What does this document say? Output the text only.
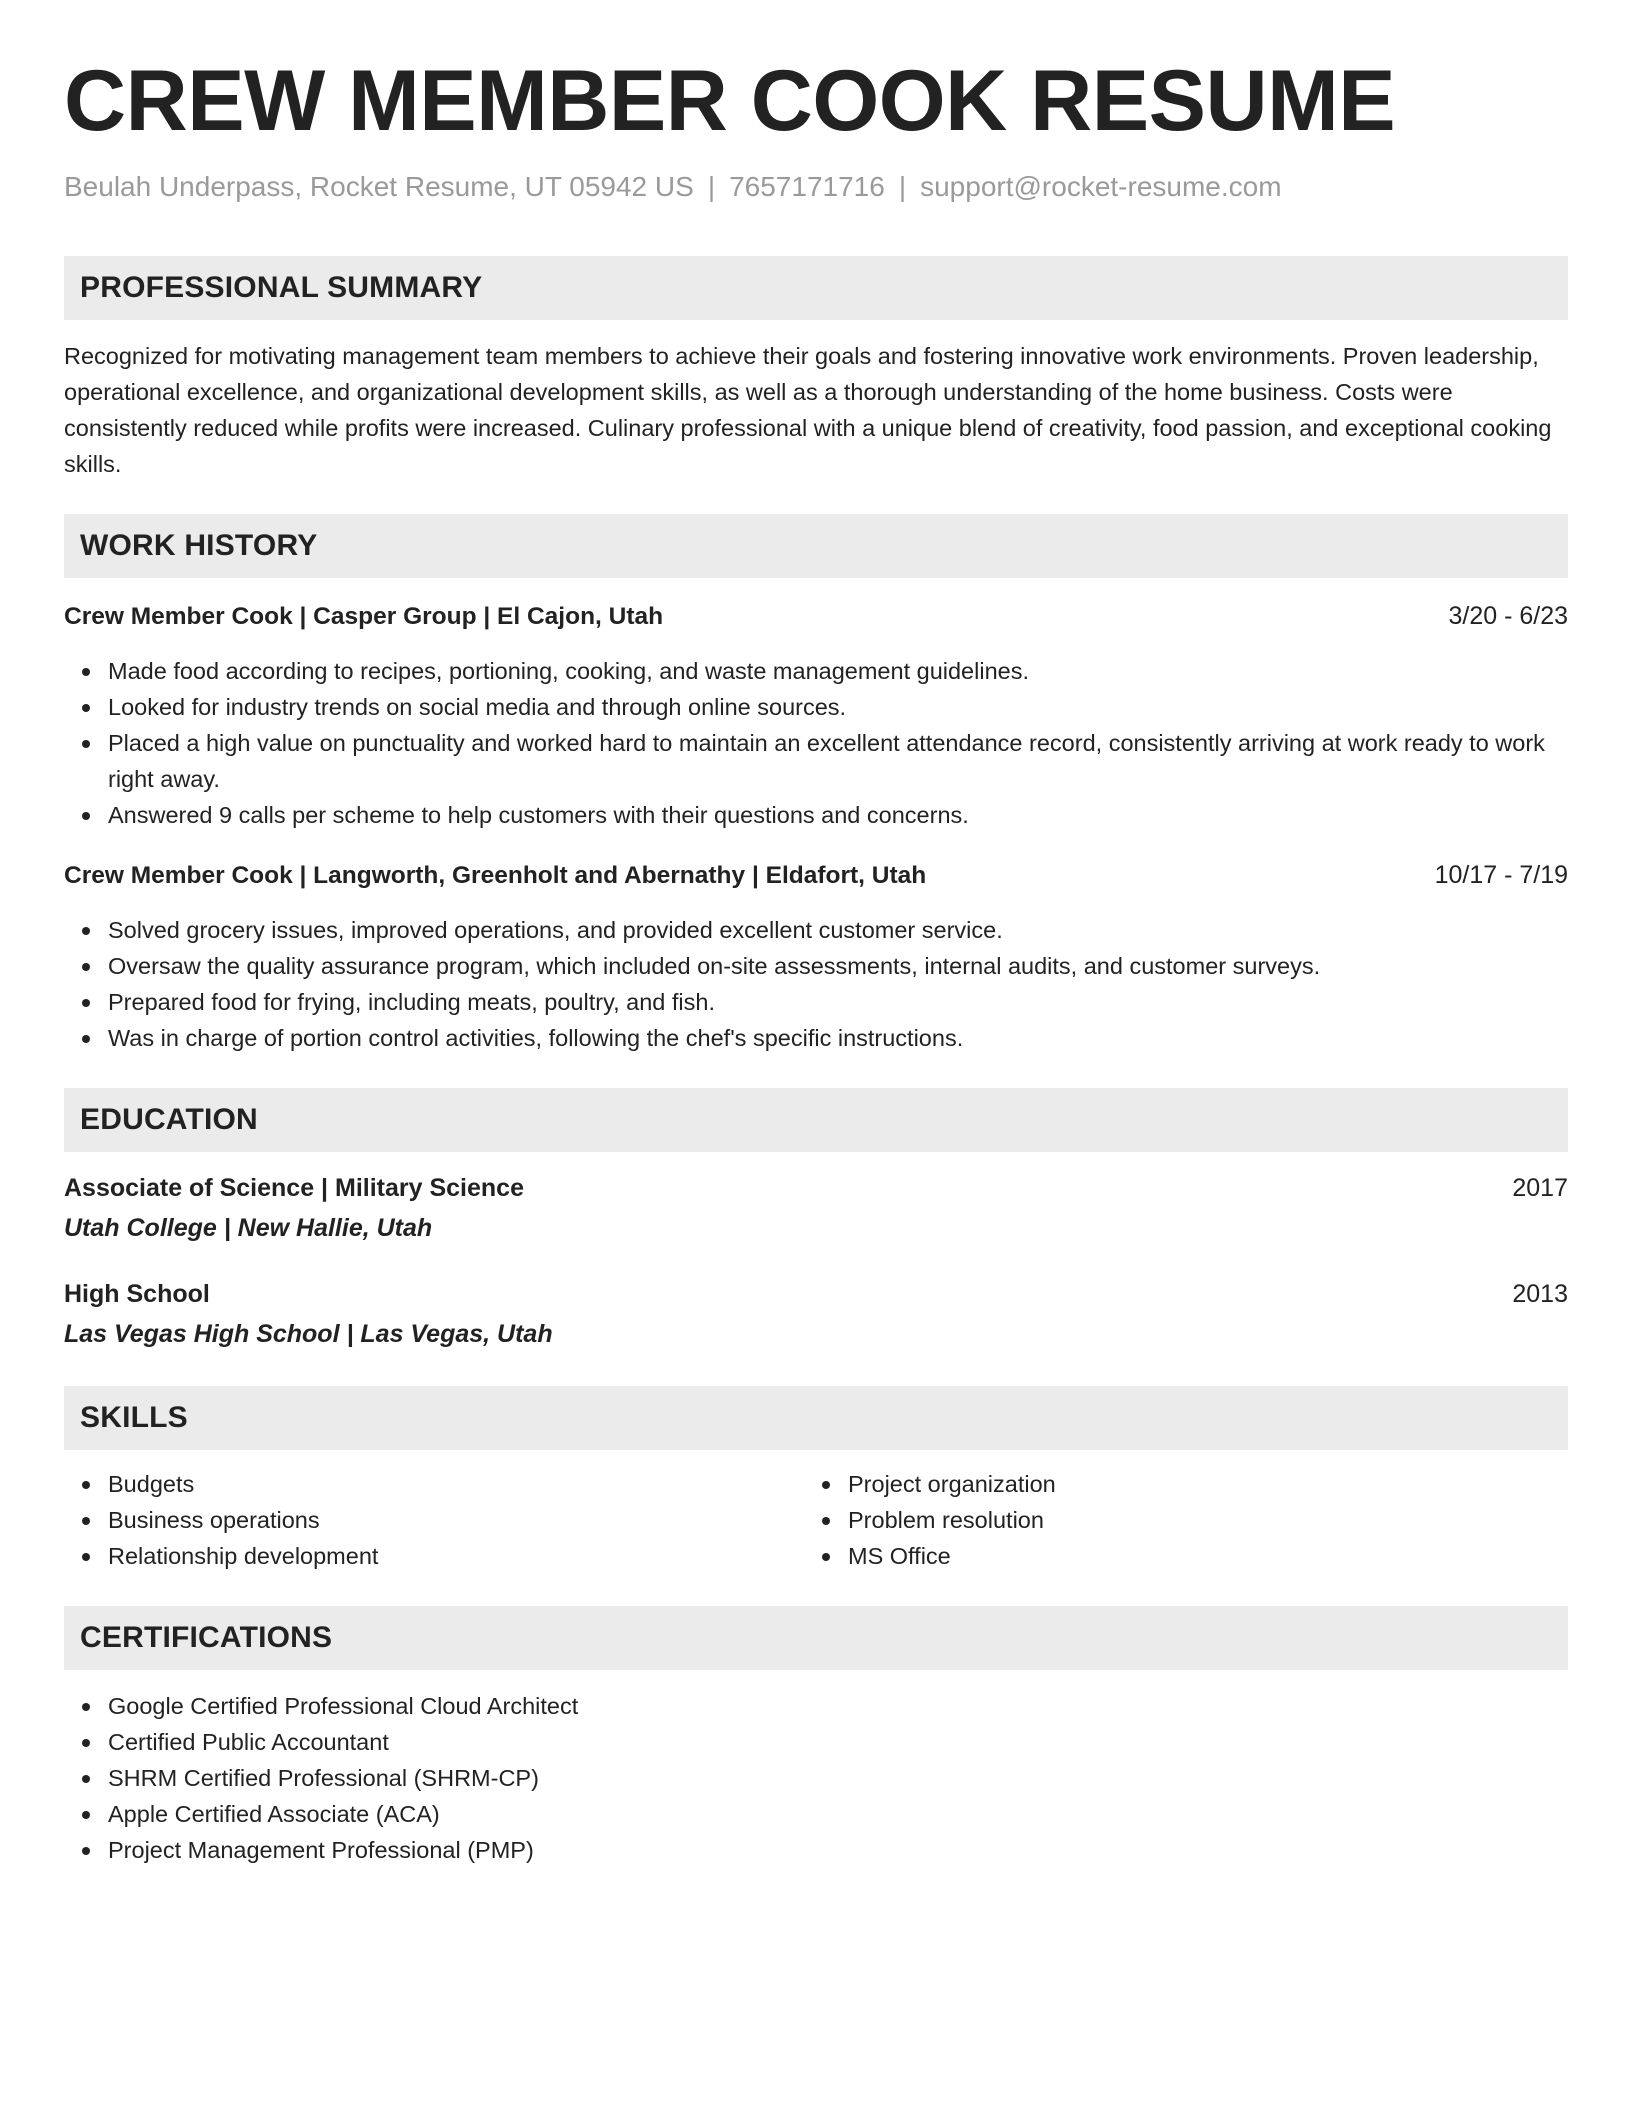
CREW MEMBER COOK RESUME
Beulah Underpass, Rocket Resume, UT 05942 US | 7657171716 | support@rocket-resume.com
PROFESSIONAL SUMMARY

Recognized for motivating management team members to achieve their goals and fostering innovative work environments. Proven leadership, operational excellence, and organizational development skills, as well as a thorough understanding of the home business. Costs were consistently reduced while profits were increased. Culinary professional with a unique blend of creativity, food passion, and exceptional cooking skills.

WORK HISTORY
Crew Member Cook | Casper Group | El Cajon, Utah	3/20 - 6/23
Made food according to recipes, portioning, cooking, and waste management guidelines.
Looked for industry trends on social media and through online sources.
Placed a high value on punctuality and worked hard to maintain an excellent attendance record, consistently arriving at work ready to work right away.
Answered 9 calls per scheme to help customers with their questions and concerns.
Crew Member Cook | Langworth, Greenholt and Abernathy | Eldafort, Utah	10/17 - 7/19
Solved grocery issues, improved operations, and provided excellent customer service.
Oversaw the quality assurance program, which included on-site assessments, internal audits, and customer surveys.
Prepared food for frying, including meats, poultry, and fish.
Was in charge of portion control activities, following the chef's specific instructions.
EDUCATION
Associate of Science | Military Science	2017
Utah College | New Hallie, Utah
High School	2013
Las Vegas High School | Las Vegas, Utah
SKILLS
Budgets
Business operations
Relationship development
Project organization
Problem resolution
MS Office
CERTIFICATIONS
Google Certified Professional Cloud Architect
Certified Public Accountant
SHRM Certified Professional (SHRM-CP)
Apple Certified Associate (ACA)
Project Management Professional (PMP)
